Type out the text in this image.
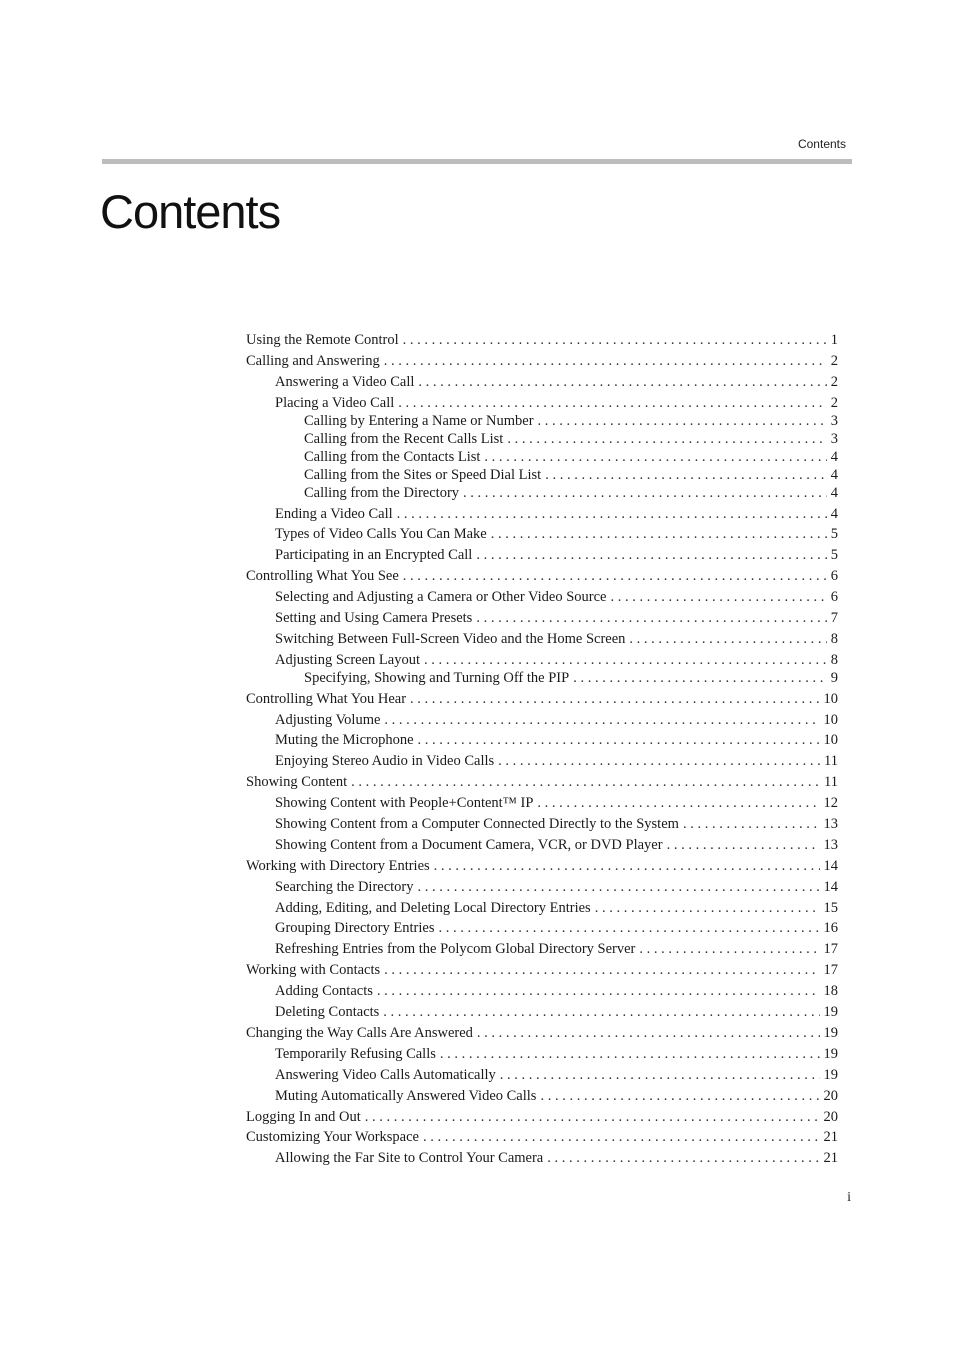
Contents
Contents
Using the Remote Control . . .	1
Calling and Answering . . .	2
Answering a Video Call . . .	2
Placing a Video Call . . .	2
Calling by Entering a Name or Number . . .	3
Calling from the Recent Calls List . . .	3
Calling from the Contacts List . . .	4
Calling from the Sites or Speed Dial List . . .	4
Calling from the Directory . . .	4
Ending a Video Call . . .	4
Types of Video Calls You Can Make . . .	5
Participating in an Encrypted Call . . .	5
Controlling What You See . . .	6
Selecting and Adjusting a Camera or Other Video Source . . .	6
Setting and Using Camera Presets . . .	7
Switching Between Full-Screen Video and the Home Screen . . .	8
Adjusting Screen Layout . . .	8
Specifying, Showing and Turning Off the PIP . . .	9
Controlling What You Hear . . .	10
Adjusting Volume . . .	10
Muting the Microphone . . .	10
Enjoying Stereo Audio in Video Calls . . .	11
Showing Content . . .	11
Showing Content with People+Content™ IP . . .	12
Showing Content from a Computer Connected Directly to the System . . .	13
Showing Content from a Document Camera, VCR, or DVD Player . . .	13
Working with Directory Entries . . .	14
Searching the Directory . . .	14
Adding, Editing, and Deleting Local Directory Entries . . .	15
Grouping Directory Entries . . .	16
Refreshing Entries from the Polycom Global Directory Server . . .	17
Working with Contacts . . .	17
Adding Contacts . . .	18
Deleting Contacts . . .	19
Changing the Way Calls Are Answered . . .	19
Temporarily Refusing Calls . . .	19
Answering Video Calls Automatically . . .	19
Muting Automatically Answered Video Calls . . .	20
Logging In and Out . . .	20
Customizing Your Workspace . . .	21
Allowing the Far Site to Control Your Camera . . .	21
i
